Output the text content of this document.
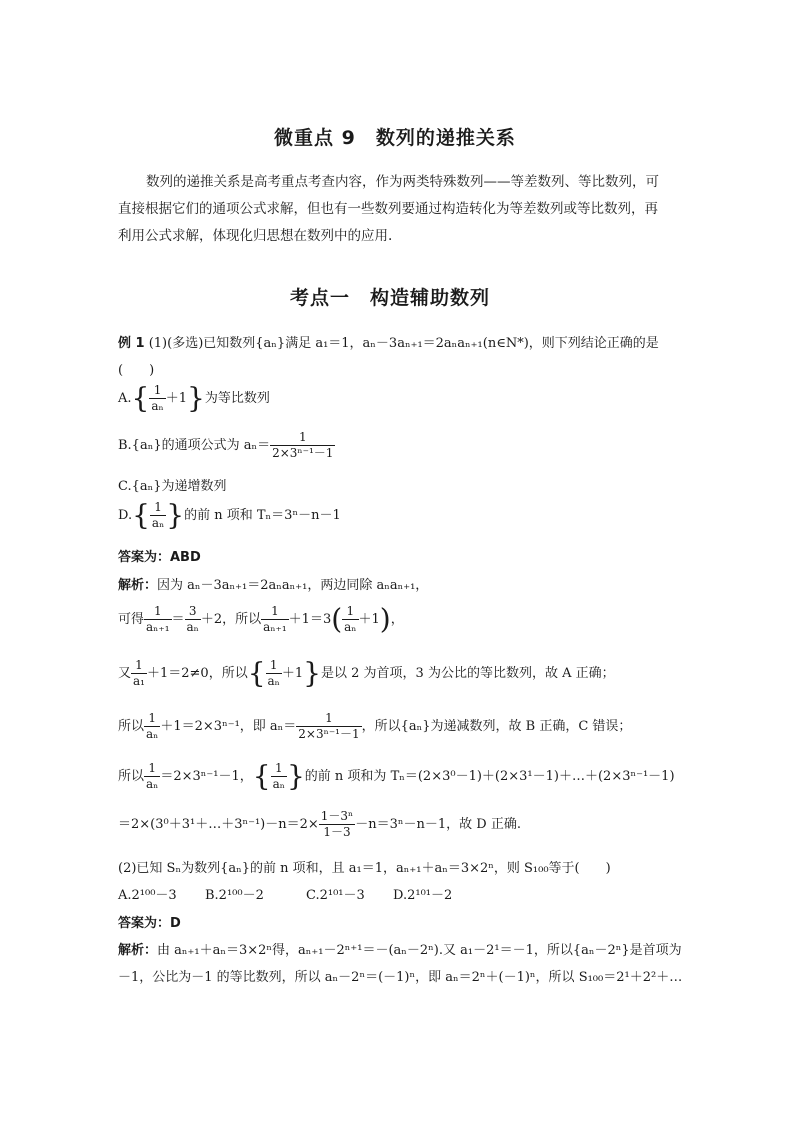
微重点 9　数列的递推关系
数列的递推关系是高考重点考查内容，作为两类特殊数列——等差数列、等比数列，可
直接根据它们的通项公式求解，但也有一些数列要通过构造转化为等差数列或等比数列，再
利用公式求解，体现化归思想在数列中的应用.
考点一　构造辅助数列
例 1 (1)(多选)已知数列{aₙ}满足 a₁＝1，aₙ－3aₙ₊₁＝2aₙaₙ₊₁(n∈N*)，则下列结论正确的是
(　　)
$A.\{ \frac{1}{\text{aₙ}} +1\}$为等比数列
B.{aₙ}的通项公式为 $a_n= \frac{1}{\text{2×3ⁿ⁻¹－1}}$
C.{aₙ}为递增数列
$D.\{ \frac{1}{\text{aₙ}}$ }的前 n 项和 Tₙ＝3ⁿ－n－1
答案为：ABD
解析：因为 aₙ－3aₙ₊₁＝2aₙaₙ₊₁，两边同除 aₙaₙ₊₁，
可得 $\frac{1}{\text{aₙ₊₁}} = \frac{3}{\text{aₙ}} +2$，所以 $\frac{1}{\text{aₙ₊₁}} +1=3( \frac{1}{\text{aₙ}} +1)$，
又 $\frac{1}{\text{a₁}} +1=2\ne 0$，所以{ $\frac{1}{\text{aₙ}} +1$}是以 2 为首项，3 为公比的等比数列，故 A 正确；
所以 $\frac{1}{\text{aₙ}} +1=2\times 3^{n-1}$，即 $a_n= \frac{1}{\text{2×3ⁿ⁻¹－1}}$ ，所以{aₙ}为递减数列，故 B 正确，C 错误；
所以 $\frac{1}{\text{aₙ}} =2\times 3^{n-1}-1$，{ $\frac{1}{\text{aₙ}}$ }的前 n 项和为 Tₙ＝(2×3⁰－1)＋(2×3¹－1)＋…＋(2×3ⁿ⁻¹－1)
＝2×(3⁰＋3¹＋…＋3ⁿ⁻¹)－n＝2× $\frac{\text{1－3ⁿ}}{1-3} -n=3^n-n-1$，故 D 正确.
(2)已知 Sₙ为数列{aₙ}的前 n 项和，且 a₁＝1，aₙ₊₁＋aₙ＝3×2ⁿ，则 S₁₀₀等于(　　)
A.2¹⁰⁰－3 B.2¹⁰⁰－2	C.2¹⁰¹－3 D.2¹⁰¹－2
答案为：D
解析：由 aₙ₊₁＋aₙ＝3×2ⁿ得，aₙ₊₁－2ⁿ⁺¹＝－(aₙ－2ⁿ).又 a₁－2¹＝－1，所以{aₙ－2ⁿ}是首项为
－1，公比为－1 的等比数列，所以 aₙ－2ⁿ＝(－1)ⁿ，即 aₙ＝2ⁿ＋(－1)ⁿ，所以 S₁₀₀＝2¹＋2²＋…
